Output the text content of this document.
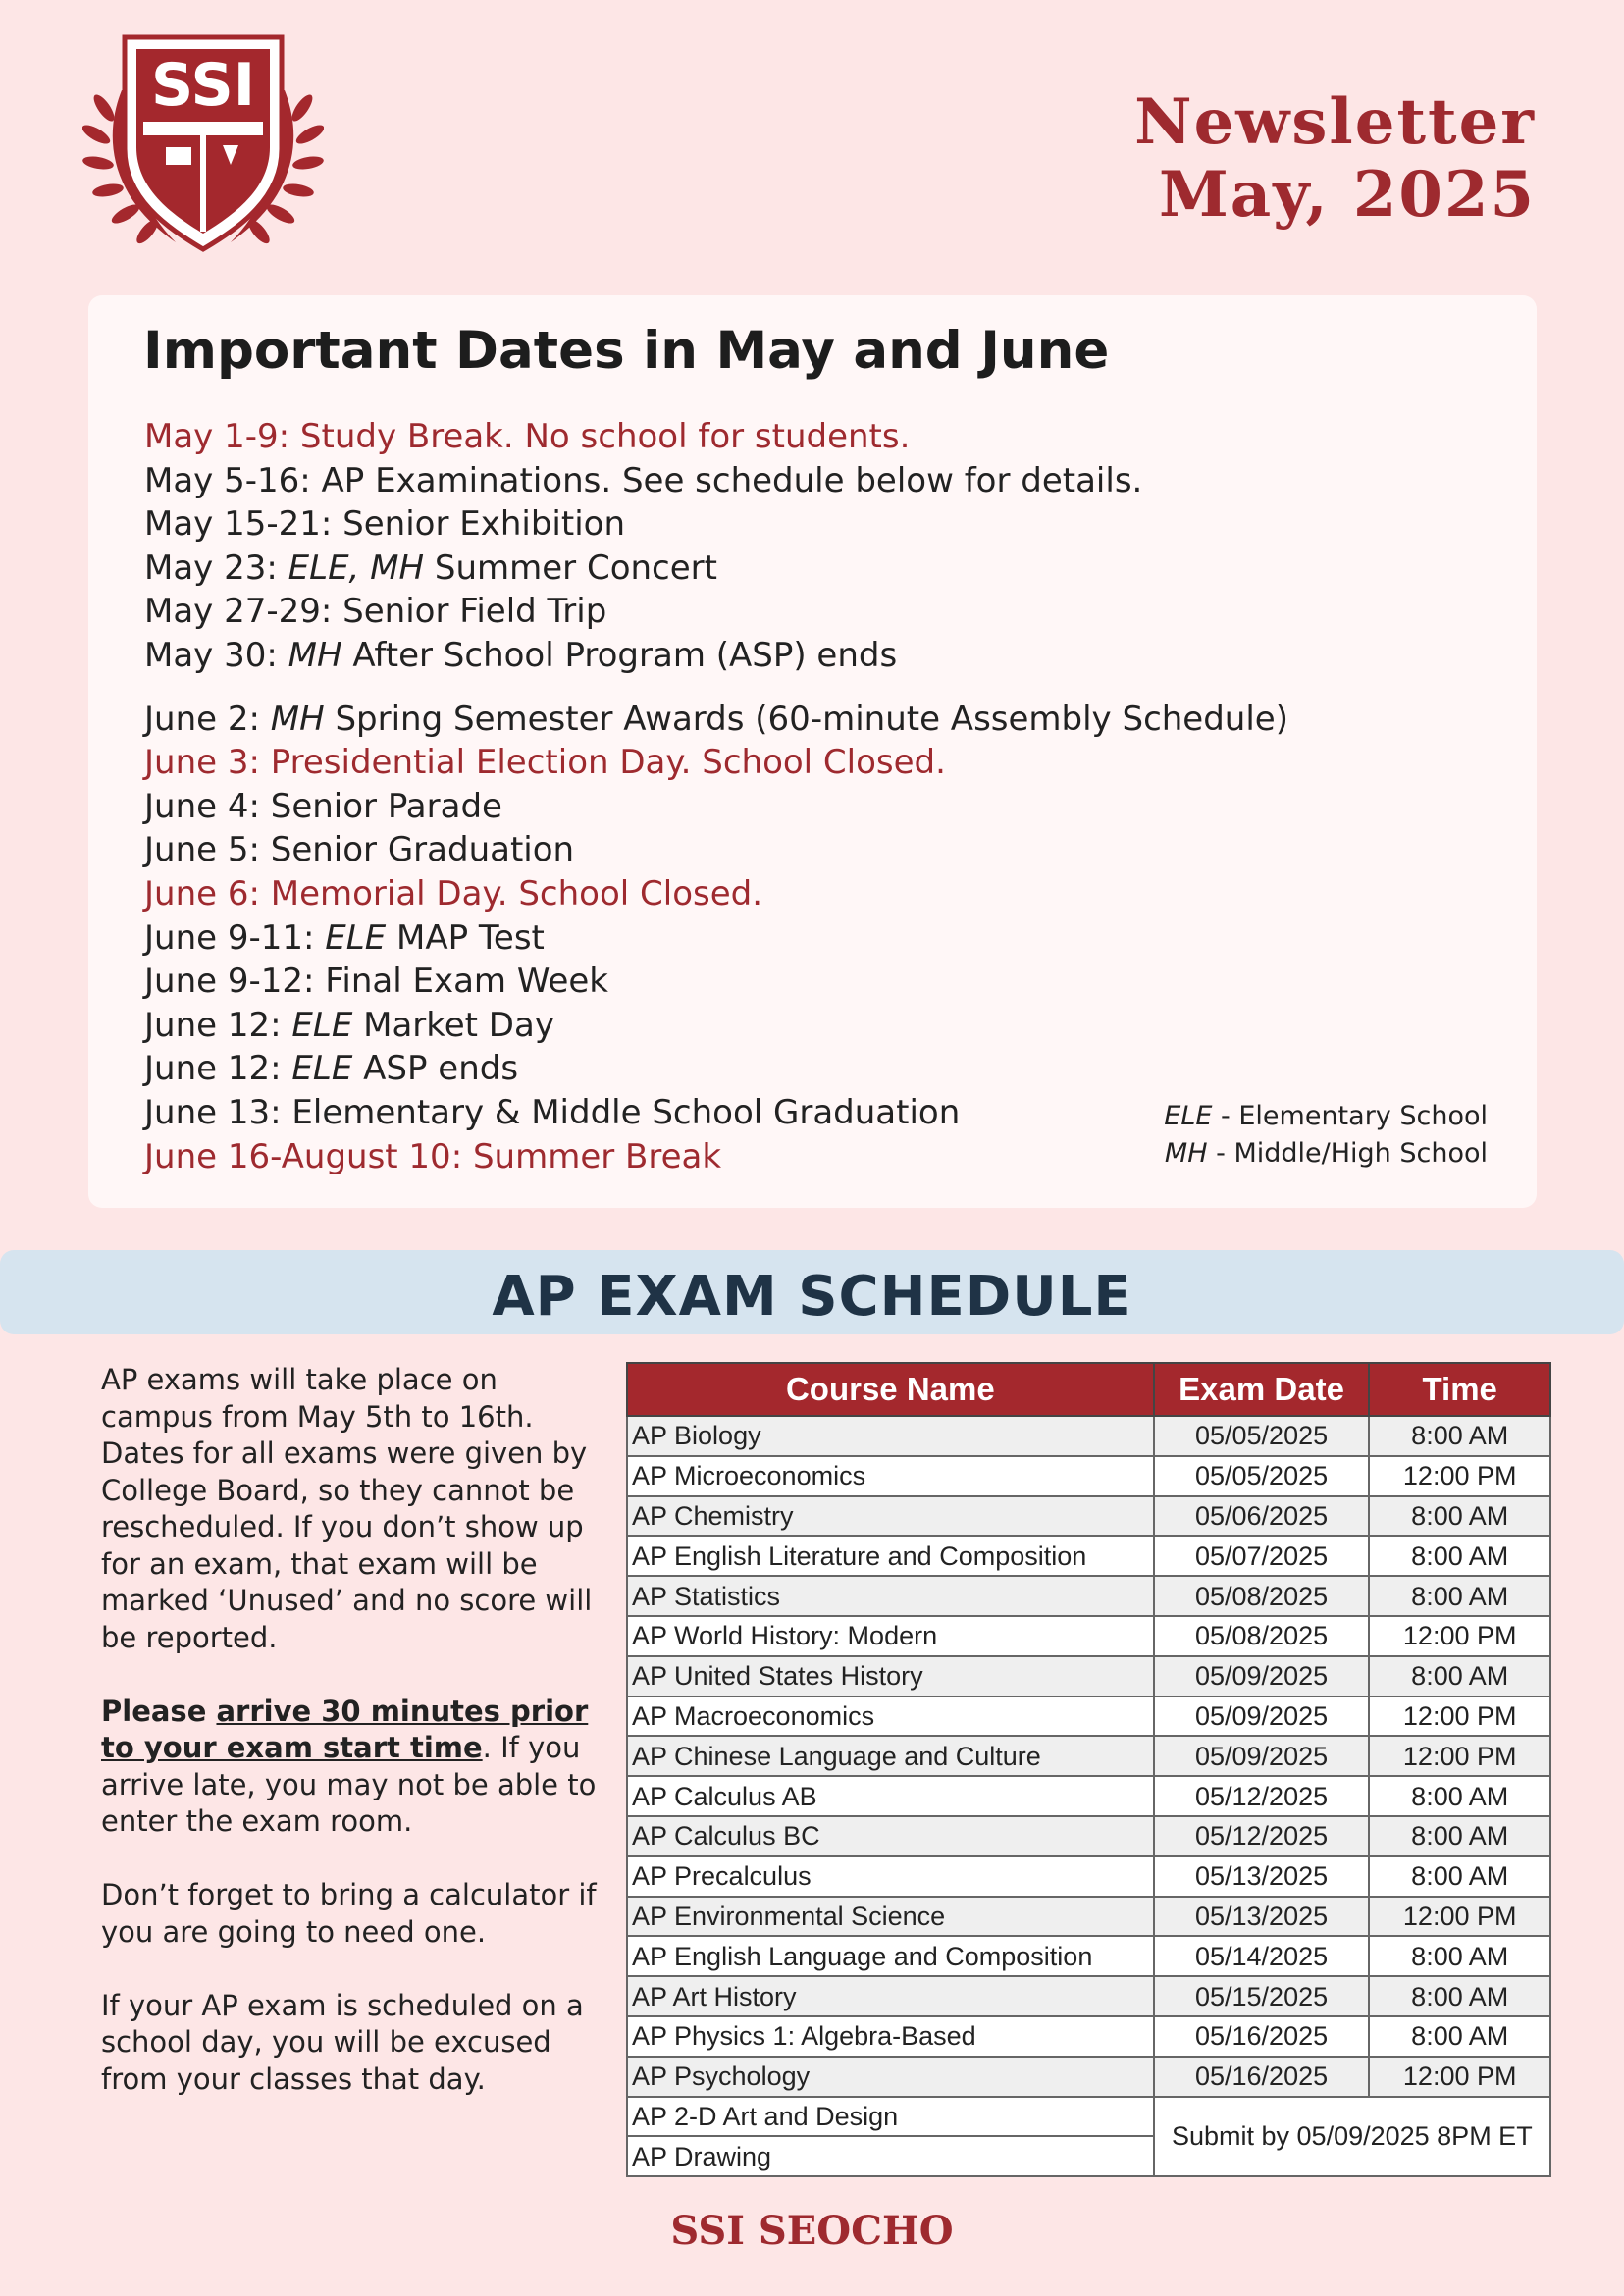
SSI	Newsletter
May, 2025
Important Dates in May and June
May 1-9: Study Break. No school for students.
May 5-16: AP Examinations. See schedule below for details.
May 15-21: Senior Exhibition
May 23: ELE, MH Summer Concert
May 27-29: Senior Field Trip
May 30: MH After School Program (ASP) ends
June 2: MH Spring Semester Awards (60-minute Assembly Schedule)
June 3: Presidential Election Day. School Closed.
June 4: Senior Parade
June 5: Senior Graduation
June 6: Memorial Day. School Closed.
June 9-11: ELE MAP Test
June 9-12: Final Exam Week
June 12: ELE Market Day
June 12: ELE ASP ends
June 13: Elementary & Middle School Graduation
June 16-August 10: Summer Break
ELE - Elementary School
MH - Middle/High School
AP EXAM SCHEDULE

AP exams will take place on campus from May 5th to 16th. Dates for all exams were given by College Board, so they cannot be rescheduled. If you don’t show up for an exam, that exam will be marked ‘Unused’ and no score will be reported.

Please arrive 30 minutes prior to your exam start time. If you arrive late, you may not be able to enter the exam room.

Don’t forget to bring a calculator if you are going to need one.

If your AP exam is scheduled on a school day, you will be excused from your classes that day.

Course Name	Exam Date	Time
AP Biology	05/05/2025	8:00 AM
AP Microeconomics	05/05/2025	12:00 PM
AP Chemistry	05/06/2025	8:00 AM
AP English Literature and Composition	05/07/2025	8:00 AM
AP Statistics	05/08/2025	8:00 AM
AP World History: Modern	05/08/2025	12:00 PM
AP United States History	05/09/2025	8:00 AM
AP Macroeconomics	05/09/2025	12:00 PM
AP Chinese Language and Culture	05/09/2025	12:00 PM
AP Calculus AB	05/12/2025	8:00 AM
AP Calculus BC	05/12/2025	8:00 AM
AP Precalculus	05/13/2025	8:00 AM
AP Environmental Science	05/13/2025	12:00 PM
AP English Language and Composition	05/14/2025	8:00 AM
AP Art History	05/15/2025	8:00 AM
AP Physics 1: Algebra-Based	05/16/2025	8:00 AM
AP Psychology	05/16/2025	12:00 PM
AP 2-D Art and Design	Submit by 05/09/2025 8PM ET	
AP Drawing		
SSI SEOCHO
